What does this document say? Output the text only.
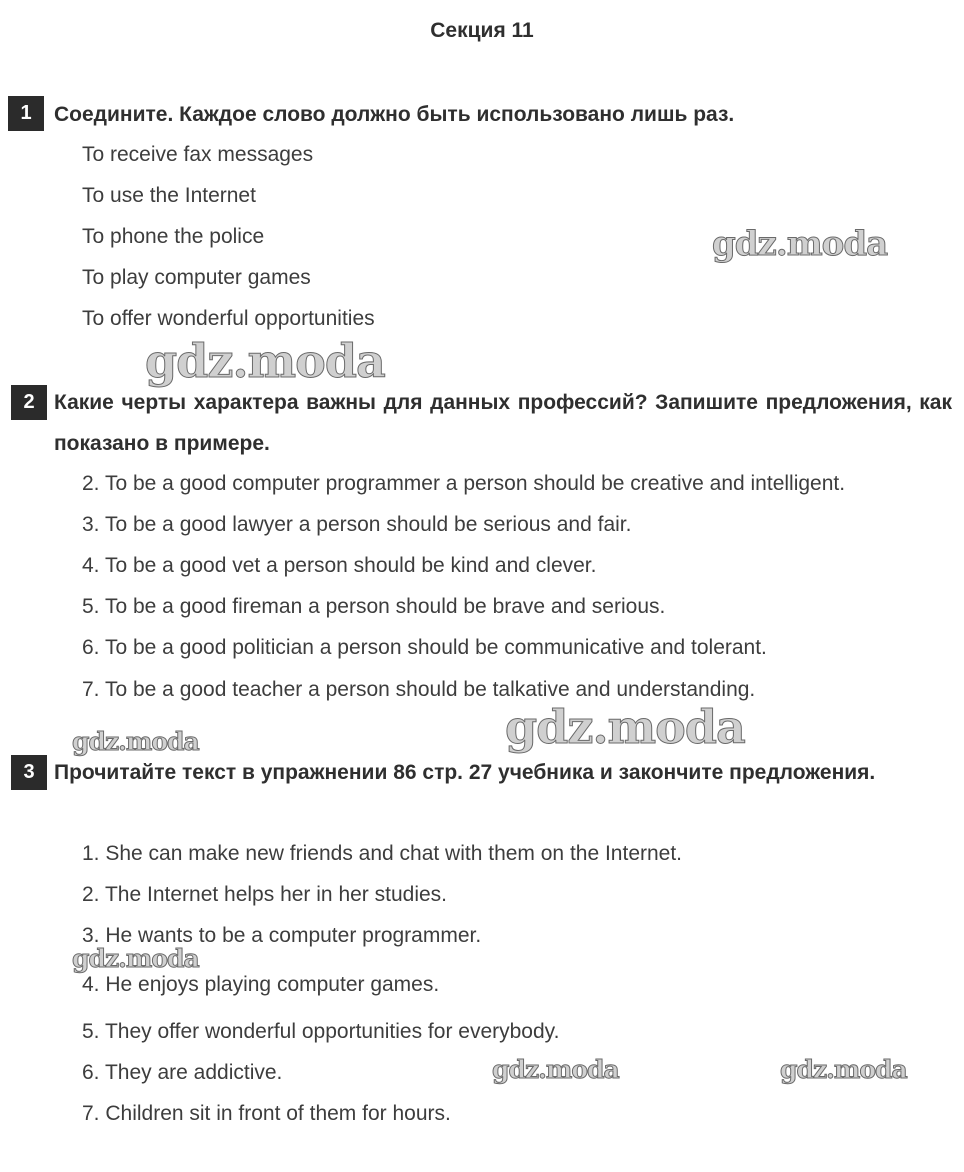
Секция 11
1	Соедините. Каждое слово должно быть использовано лишь раз.
To receive fax messages
To use the Internet
To phone the police
To play computer games
To offer wonderful opportunities
2 Какие черты характера важны для данных профессий? Запишите предложения, как показано в примере.
2. To be a good computer programmer a person should be creative and intelligent.
3. To be a good lawyer a person should be serious and fair.
4. To be a good vet a person should be kind and clever.
5. To be a good fireman a person should be brave and serious.
6. To be a good politician a person should be communicative and tolerant.
7. To be a good teacher a person should be talkative and understanding.
3 Прочитайте текст в упражнении 86 стр. 27 учебника и закончите предложения.
1. She can make new friends and chat with them on the Internet.
2. The Internet helps her in her studies.
3. He wants to be a computer programmer.
4. He enjoys playing computer games.
5. They offer wonderful opportunities for everybody.
6. They are addictive.
7. Children sit in front of them for hours.
gdz.moda
gdz.moda
gdz.moda
gdz.moda
gdz.moda
gdz.moda	gdz.moda
